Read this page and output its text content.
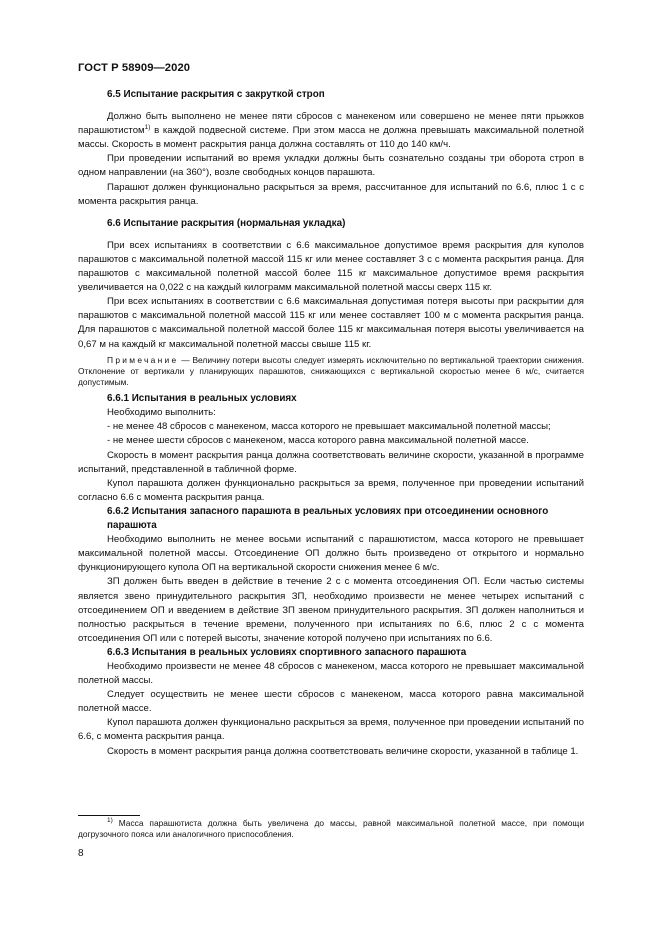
ГОСТ Р 58909—2020
6.5 Испытание раскрытия с закруткой строп

Должно быть выполнено не менее пяти сбросов с манекеном или совершено не менее пяти прыжков парашютистом$^{1)}$ в каждой подвесной системе. При этом масса не должна превышать максимальной полетной массы. Скорость в момент раскрытия ранца должна составлять от 110 до 140 км/ч.

При проведении испытаний во время укладки должны быть сознательно созданы три оборота строп в одном направлении (на 360°), возле свободных концов парашюта.

Парашют должен функционально раскрыться за время, рассчитанное для испытаний по 6.6, плюс 1 с с момента раскрытия ранца.

6.6 Испытание раскрытия (нормальная укладка)

При всех испытаниях в соответствии с 6.6 максимальное допустимое время раскрытия для куполов парашютов с максимальной полетной массой 115 кг или менее составляет 3 с с момента раскрытия ранца. Для парашютов с максимальной полетной массой более 115 кг максимальное допустимое время раскрытия увеличивается на 0,022 с на каждый килограмм максимальной полетной массы сверх 115 кг.

При всех испытаниях в соответствии с 6.6 максимальная допустимая потеря высоты при раскрытии для парашютов с максимальной полетной массой 115 кг или менее составляет 100 м с момента раскрытия ранца. Для парашютов с максимальной полетной массой более 115 кг максимальная потеря высоты увеличивается на 0,67 м на каждый кг максимальной полетной массы свыше 115 кг.

Примечание — Величину потери высоты следует измерять исключительно по вертикальной траектории снижения. Отклонение от вертикали у планирующих парашютов, снижающихся с вертикальной скоростью менее 6 м/с, считается допустимым.
6.6.1 Испытания в реальных условиях

Необходимо выполнить:

- не менее 48 сбросов с манекеном, масса которого не превышает максимальной полетной массы;

- не менее шести сбросов с манекеном, масса которого равна максимальной полетной массе.

Скорость в момент раскрытия ранца должна соответствовать величине скорости, указанной в программе испытаний, представленной в табличной форме.

Купол парашюта должен функционально раскрыться за время, полученное при проведении испытаний согласно 6.6 с момента раскрытия ранца.

6.6.2 Испытания запасного парашюта в реальных условиях при отсоединении основного парашюта

Необходимо выполнить не менее восьми испытаний с парашютистом, масса которого не превышает максимальной полетной массы. Отсоединение ОП должно быть произведено от открытого и нормально функционирующего купола ОП на вертикальной скорости снижения менее 6 м/с.

ЗП должен быть введен в действие в течение 2 с с момента отсоединения ОП. Если частью системы является звено принудительного раскрытия ЗП, необходимо произвести не менее четырех испытаний с отсоединением ОП и введением в действие ЗП звеном принудительного раскрытия. ЗП должен наполниться и полностью раскрыться в течение времени, полученного при испытаниях по 6.6, плюс 2 с с момента отсоединения ОП или с потерей высоты, значение которой получено при испытаниях по 6.6.

6.6.3 Испытания в реальных условиях спортивного запасного парашюта

Необходимо произвести не менее 48 сбросов с манекеном, масса которого не превышает максимальной полетной массы.

Следует осуществить не менее шести сбросов с манекеном, масса которого равна максимальной полетной массе.

Купол парашюта должен функционально раскрыться за время, полученное при проведении испытаний по 6.6, с момента раскрытия ранца.

Скорость в момент раскрытия ранца должна соответствовать величине скорости, указанной в таблице 1.

$^{1)}$ Масса парашютиста должна быть увеличена до массы, равной максимальной полетной массе, при помощи догрузочного пояса или аналогичного приспособления.
8
